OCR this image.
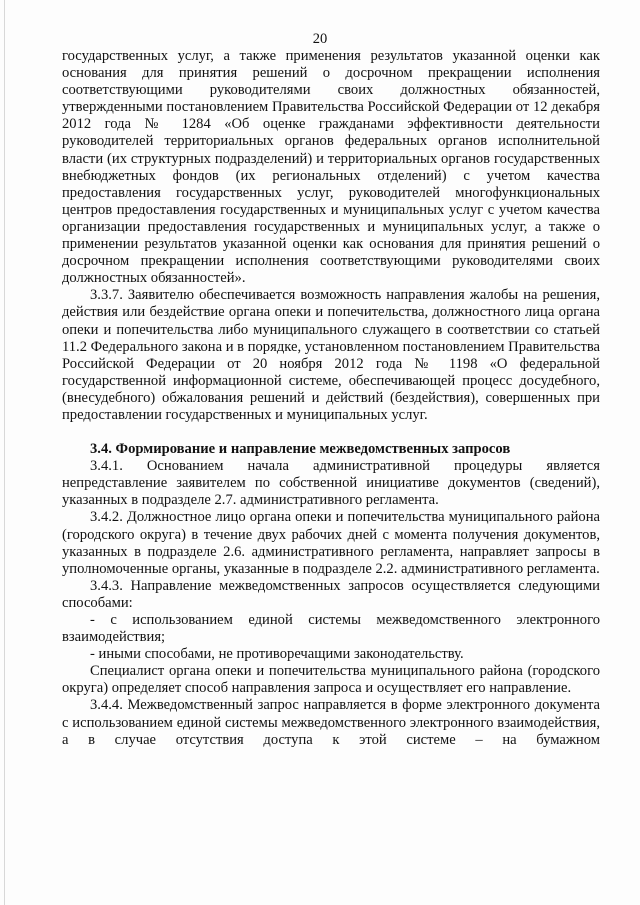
20

государственных услуг, а также применения результатов указанной оценки как основания для принятия решений о досрочном прекращении исполнения соответствующими руководителями своих должностных обязанностей, утвержденными постановлением Правительства Российской Федерации от 12 декабря 2012 года № 1284 «Об оценке гражданами эффективности деятельности руководителей территориальных органов федеральных органов исполнительной власти (их структурных подразделений) и территориальных органов государственных внебюджетных фондов (их региональных отделений) с учетом качества предоставления государственных услуг, руководителей многофункциональных центров предоставления государственных и муниципальных услуг с учетом качества организации предоставления государственных и муниципальных услуг, а также о применении результатов указанной оценки как основания для принятия решений о досрочном прекращении исполнения соответствующими руководителями своих должностных обязанностей».

3.3.7. Заявителю обеспечивается возможность направления жалобы на решения, действия или бездействие органа опеки и попечительства, должностного лица органа опеки и попечительства либо муниципального служащего в соответствии со статьей 11.2 Федерального закона и в порядке, установленном постановлением Правительства Российской Федерации от 20 ноября 2012 года № 1198 «О федеральной государственной информационной системе, обеспечивающей процесс досудебного, (внесудебного) обжалования решений и действий (бездействия), совершенных при предоставлении государственных и муниципальных услуг.

3.4. Формирование и направление межведомственных запросов

3.4.1. Основанием начала административной процедуры является непредставление заявителем по собственной инициативе документов (сведений), указанных в подразделе 2.7. административного регламента.

3.4.2. Должностное лицо органа опеки и попечительства муниципального района (городского округа) в течение двух рабочих дней с момента получения документов, указанных в подразделе 2.6. административного регламента, направляет запросы в уполномоченные органы, указанные в подразделе 2.2. административного регламента.

3.4.3. Направление межведомственных запросов осуществляется следующими способами:

- с использованием единой системы межведомственного электронного взаимодействия;

- иными способами, не противоречащими законодательству.

Специалист органа опеки и попечительства муниципального района (городского округа) определяет способ направления запроса и осуществляет его направление.

3.4.4. Межведомственный запрос направляется в форме электронного документа с использованием единой системы межведомственного электронного взаимодействия, а в случае отсутствия доступа к этой системе – на бумажном
